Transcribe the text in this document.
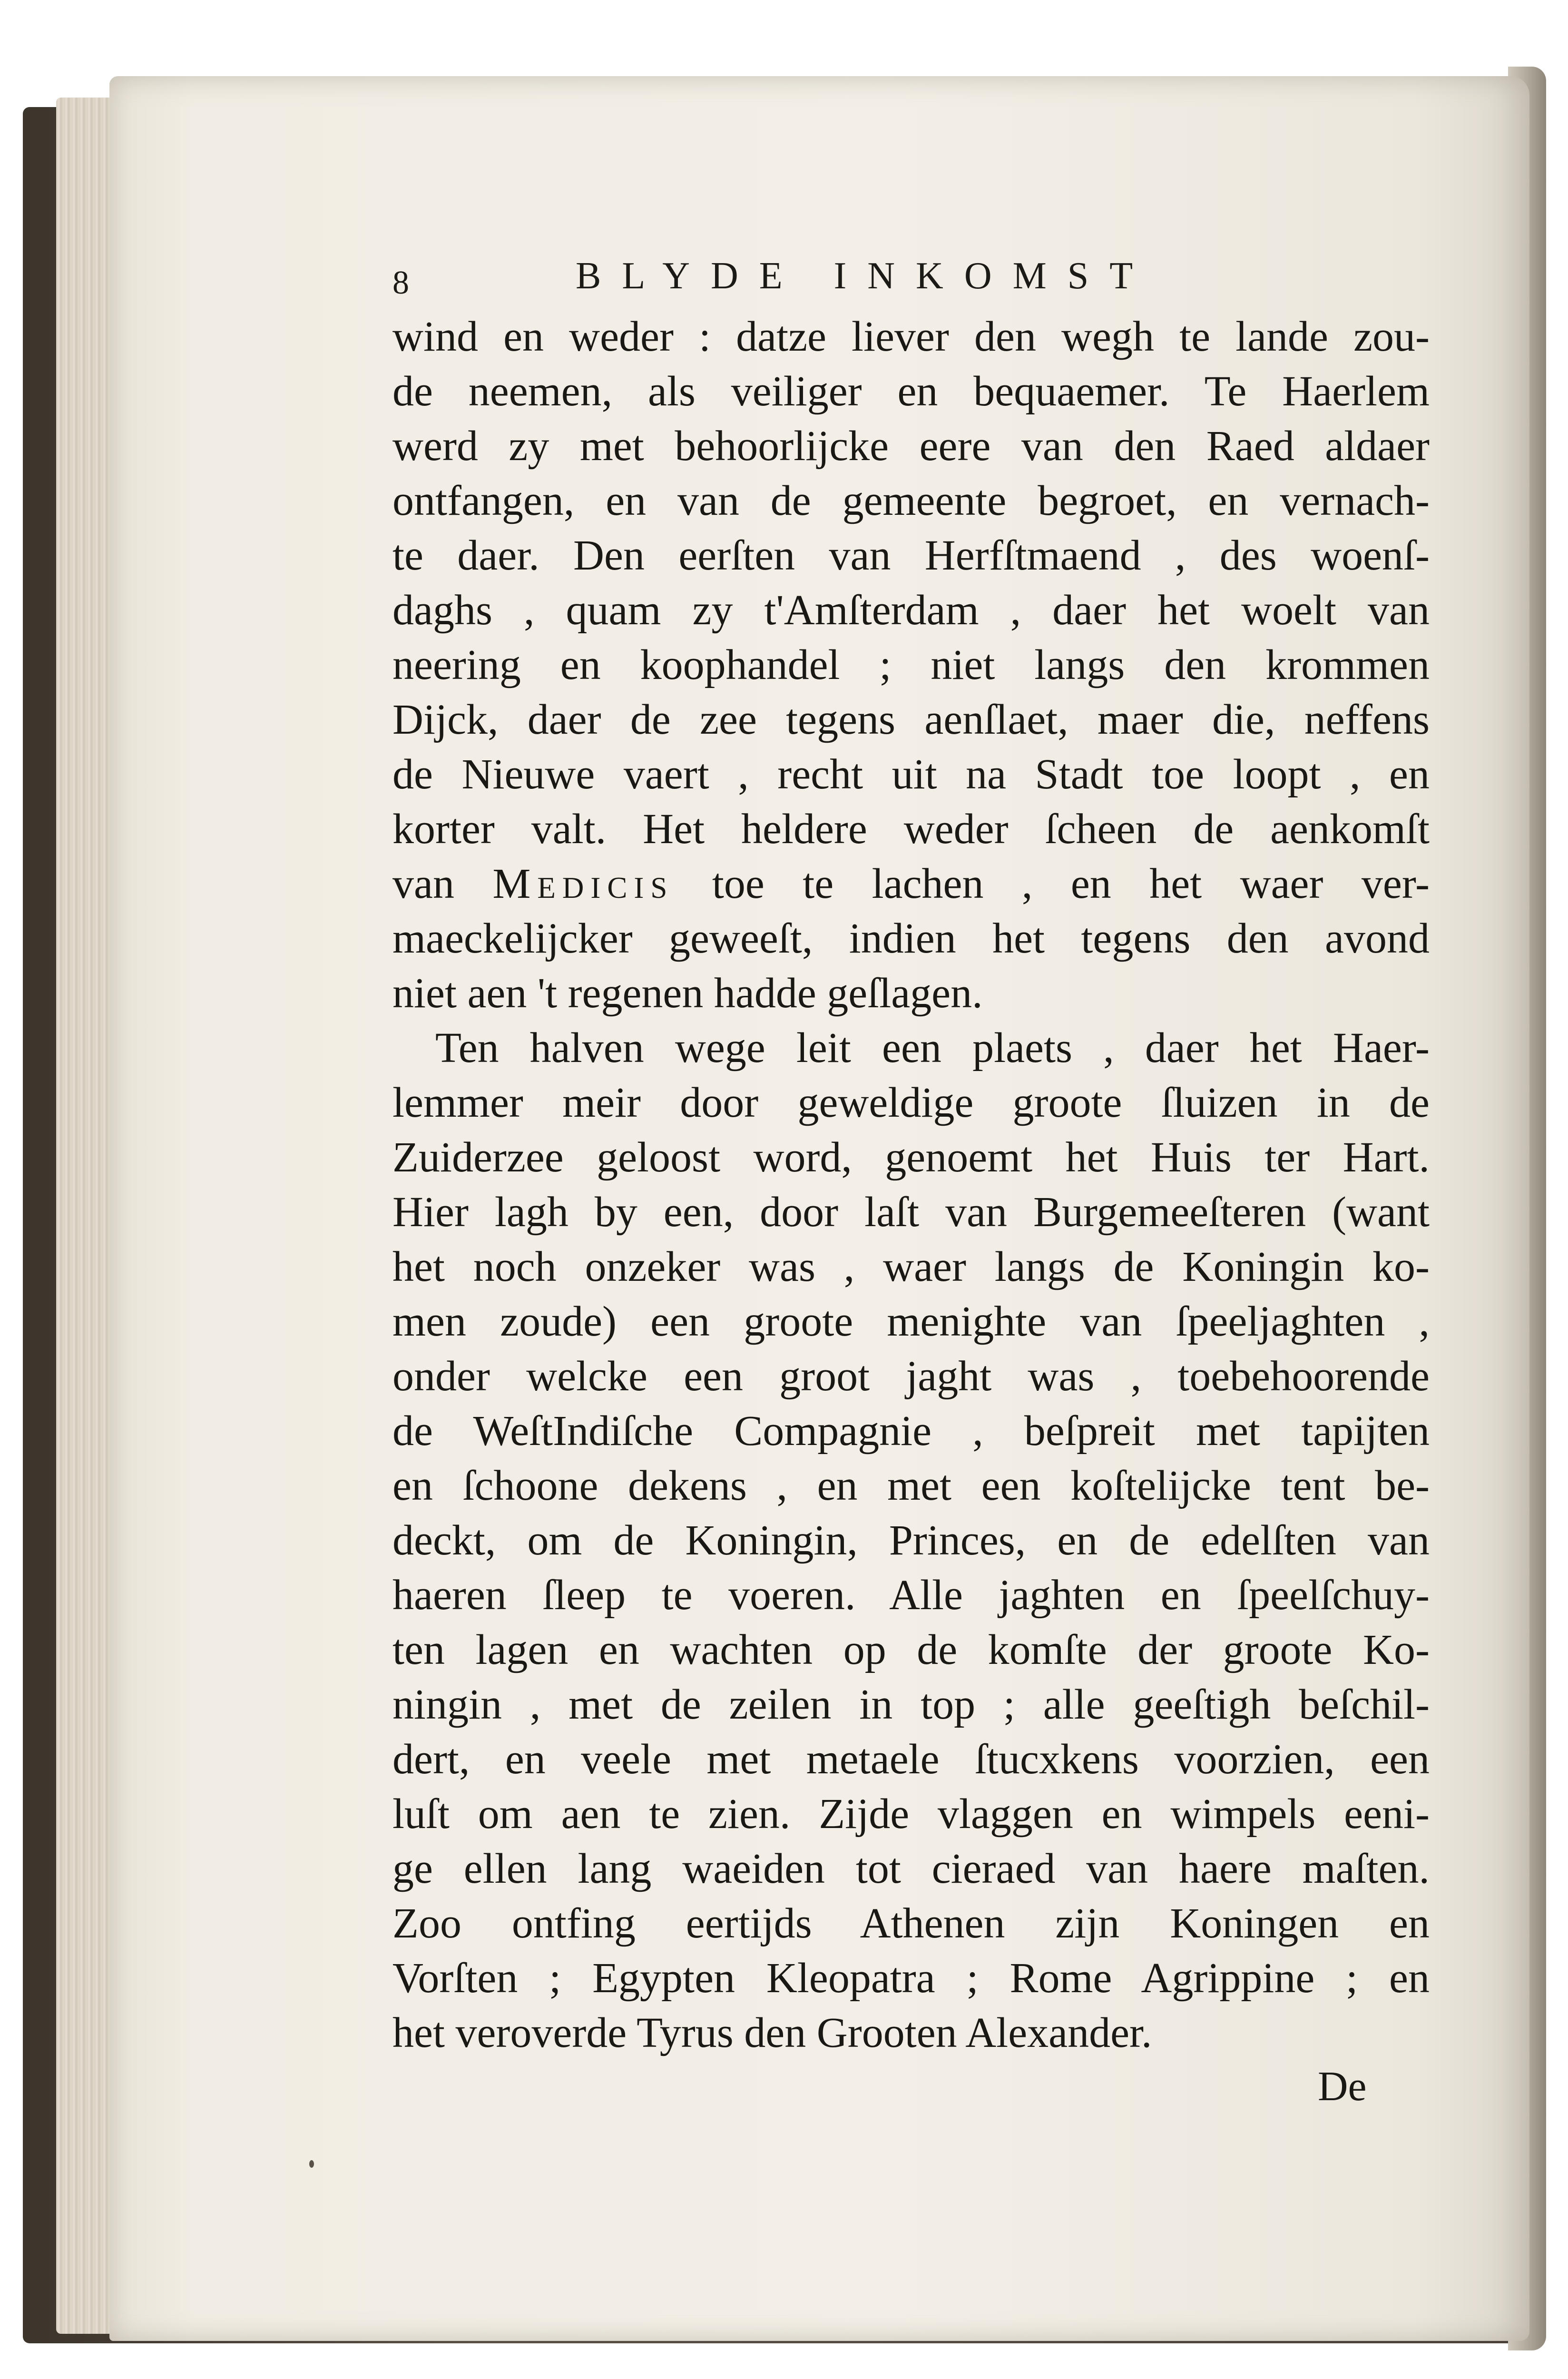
8	BLYDE INKOMST
wind en weder : datze liever den wegh te lande zou-
de neemen, als veiliger en bequaemer. Te Haerlem
werd zy met behoorlijcke eere van den Raed aldaer
ontfangen, en van de gemeente begroet, en vernach-
te daer. Den eerſten van Herfſtmaend , des woenſ-
daghs , quam zy t'Amſterdam , daer het woelt van
neering en koophandel ; niet langs den krommen
Dijck, daer de zee tegens aenſlaet, maer die, neffens
de Nieuwe vaert , recht uit na Stadt toe loopt , en
korter valt. Het heldere weder ſcheen de aenkomſt
van Medicis toe te lachen , en het waer ver-
maeckelijcker geweeſt, indien het tegens den avond
niet aen 't regenen hadde geſlagen.
Ten halven wege leit een plaets , daer het Haer-
lemmer meir door geweldige groote ſluizen in de
Zuiderzee geloost word, genoemt het Huis ter Hart.
Hier lagh by een, door laſt van Burgemeeſteren (want
het noch onzeker was , waer langs de Koningin ko-
men zoude) een groote menighte van ſpeeljaghten ,
onder welcke een groot jaght was , toebehoorende
de WeſtIndiſche Compagnie , beſpreit met tapijten
en ſchoone dekens , en met een koſtelijcke tent be-
deckt, om de Koningin, Princes, en de edelſten van
haeren ſleep te voeren. Alle jaghten en ſpeelſchuy-
ten lagen en wachten op de komſte der groote Ko-
ningin , met de zeilen in top ; alle geeſtigh beſchil-
dert, en veele met metaele ſtucxkens voorzien, een
luſt om aen te zien. Zijde vlaggen en wimpels eeni-
ge ellen lang waeiden tot cieraed van haere maſten.
Zoo ontfing eertijds Athenen zijn Koningen en
Vorſten ; Egypten Kleopatra ; Rome Agrippine ; en
het veroverde Tyrus den Grooten Alexander.
De
